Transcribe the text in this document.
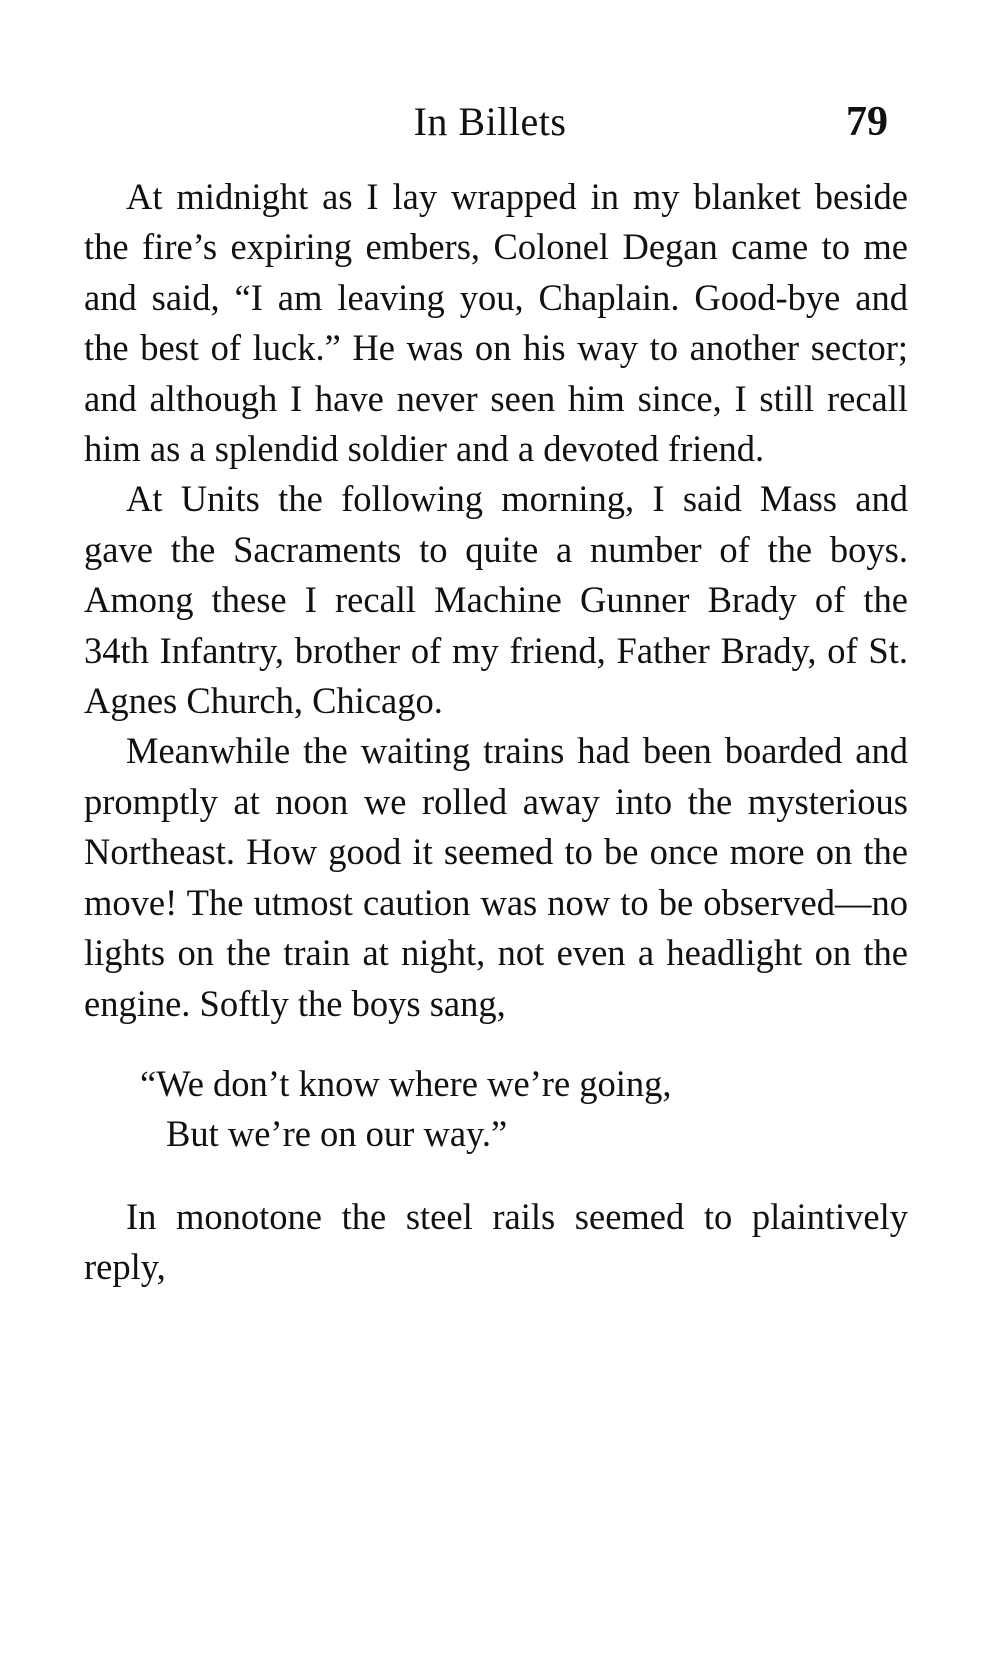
In Billets	79

At midnight as I lay wrapped in my blanket beside the fire’s expiring embers, Colonel Degan came to me and said, “I am leaving you, Chaplain. Good-bye and the best of luck.” He was on his way to another sector; and although I have never seen him since, I still recall him as a splendid soldier and a devoted friend.

At Units the following morning, I said Mass and gave the Sacraments to quite a number of the boys. Among these I recall Machine Gunner Brady of the 34th Infantry, brother of my friend, Father Brady, of St. Agnes Church, Chicago.

Meanwhile the waiting trains had been boarded and promptly at noon we rolled away into the mysterious Northeast. How good it seemed to be once more on the move! The utmost caution was now to be observed—no lights on the train at night, not even a headlight on the engine. Softly the boys sang,

“We don’t know where we’re going,
But we’re on our way.”

In monotone the steel rails seemed to plaintively reply,
